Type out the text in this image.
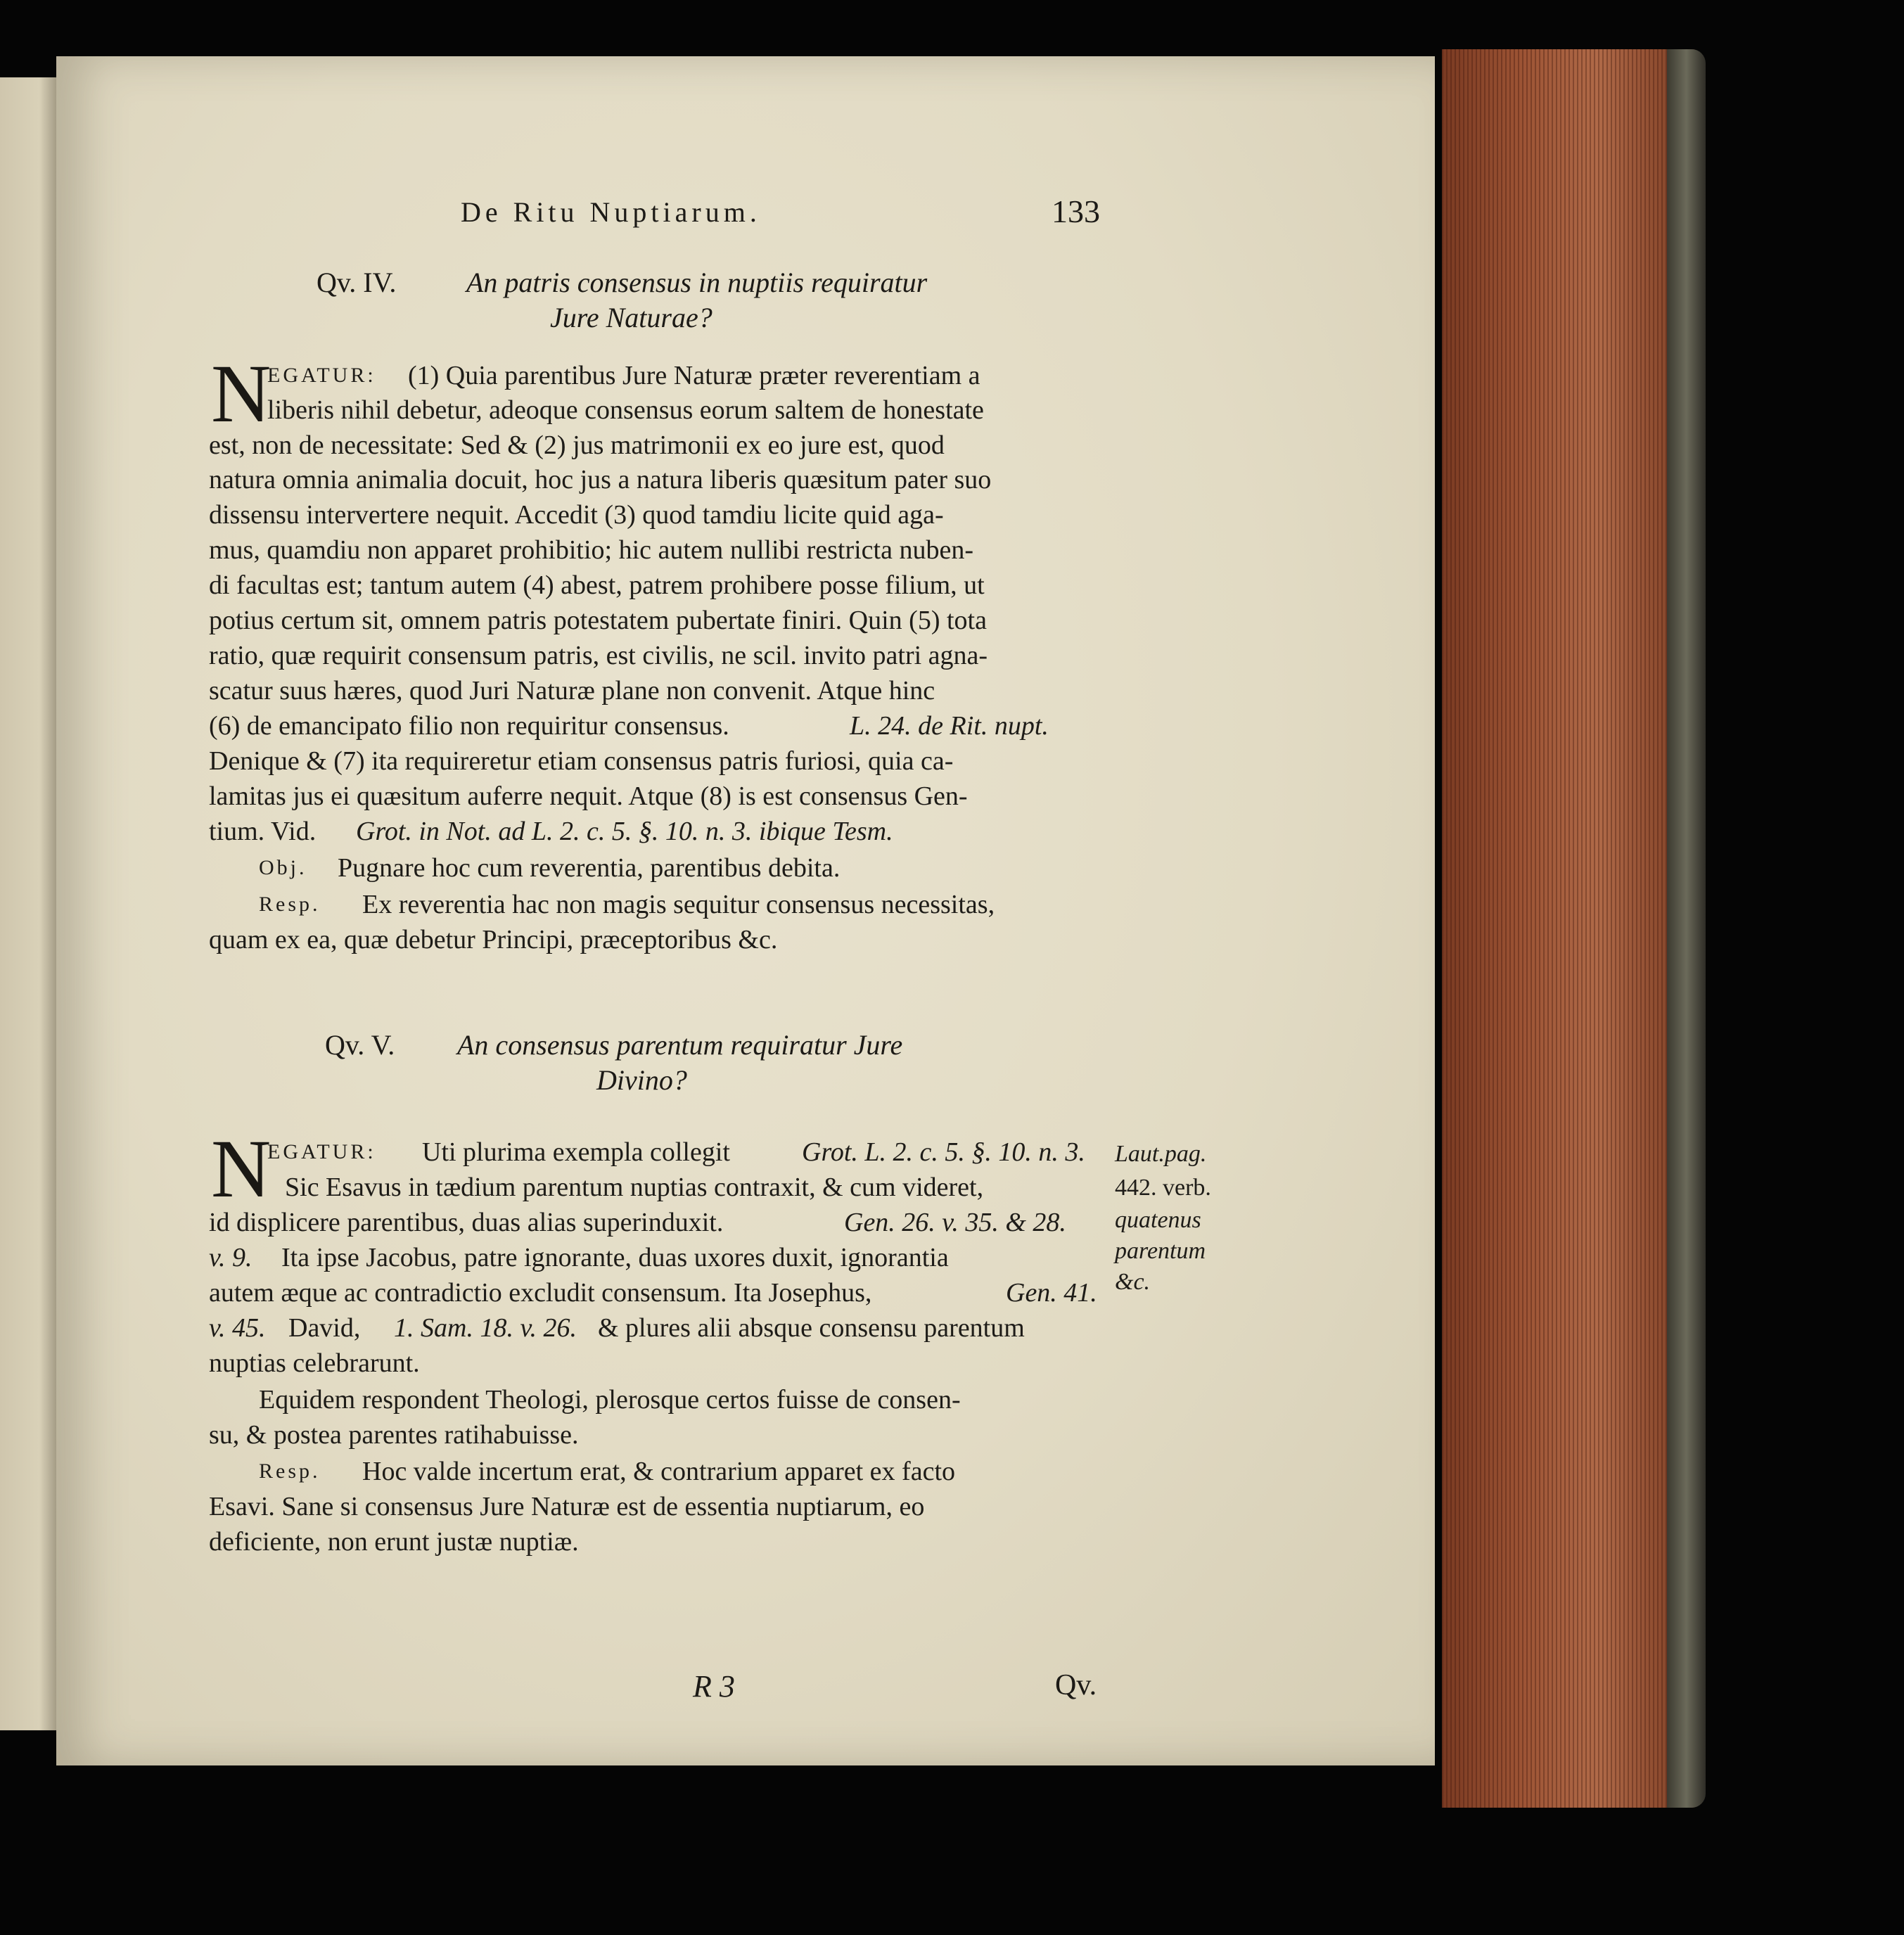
De Ritu Nuptiarum.	133
Qv. IV. An patris consensus in nuptiis requiratur
Jure Naturae?
N
EGATUR: (1) Quia parentibus Jure Naturæ præter reverentiam a
liberis nihil debetur, adeoque consensus eorum saltem de honestate
est, non de necessitate: Sed & (2) jus matrimonii ex eo jure est, quod
natura omnia animalia docuit, hoc jus a natura liberis quæsitum pater suo
dissensu intervertere nequit. Accedit (3) quod tamdiu licite quid aga-
mus, quamdiu non apparet prohibitio; hic autem nullibi restricta nuben-
di facultas est; tantum autem (4) abest, patrem prohibere posse filium, ut
potius certum sit, omnem patris potestatem pubertate finiri. Quin (5) tota
ratio, quæ requirit consensum patris, est civilis, ne scil. invito patri agna-
scatur suus hæres, quod Juri Naturæ plane non convenit. Atque hinc
(6) de emancipato filio non requiritur consensus.	L. 24. de Rit. nupt.
Denique & (7) ita requireretur etiam consensus patris furiosi, quia ca-
lamitas jus ei quæsitum auferre nequit. Atque (8) is est consensus Gen-
tium. Vid. Grot. in Not. ad L. 2. c. 5. §. 10. n. 3. ibique Tesm.
Obj. Pugnare hoc cum reverentia, parentibus debita.
Resp. Ex reverentia hac non magis sequitur consensus necessitas,
quam ex ea, quæ debetur Principi, præceptoribus &c.
Qv. V. An consensus parentum requiratur Jure
Divino?
N
EGATUR: Uti plurima exempla collegit	Grot. L. 2. c. 5. §. 10. n. 3.
Sic Esavus in tædium parentum nuptias contraxit, & cum videret,
id displicere parentibus, duas alias superinduxit.	Gen. 26. v. 35. & 28.
v. 9. Ita ipse Jacobus, patre ignorante, duas uxores duxit, ignorantia
autem æque ac contradictio excludit consensum. Ita Josephus,	Gen. 41.
v. 45. David, 1. Sam. 18. v. 26. & plures alii absque consensu parentum
nuptias celebrarunt.
Equidem respondent Theologi, plerosque certos fuisse de consen-
su, & postea parentes ratihabuisse.
Resp. Hoc valde incertum erat, & contrarium apparet ex facto
Esavi. Sane si consensus Jure Naturæ est de essentia nuptiarum, eo
deficiente, non erunt justæ nuptiæ.
Laut.pag.
442. verb.
quatenus
parentum
&c.
R 3	Qv.
